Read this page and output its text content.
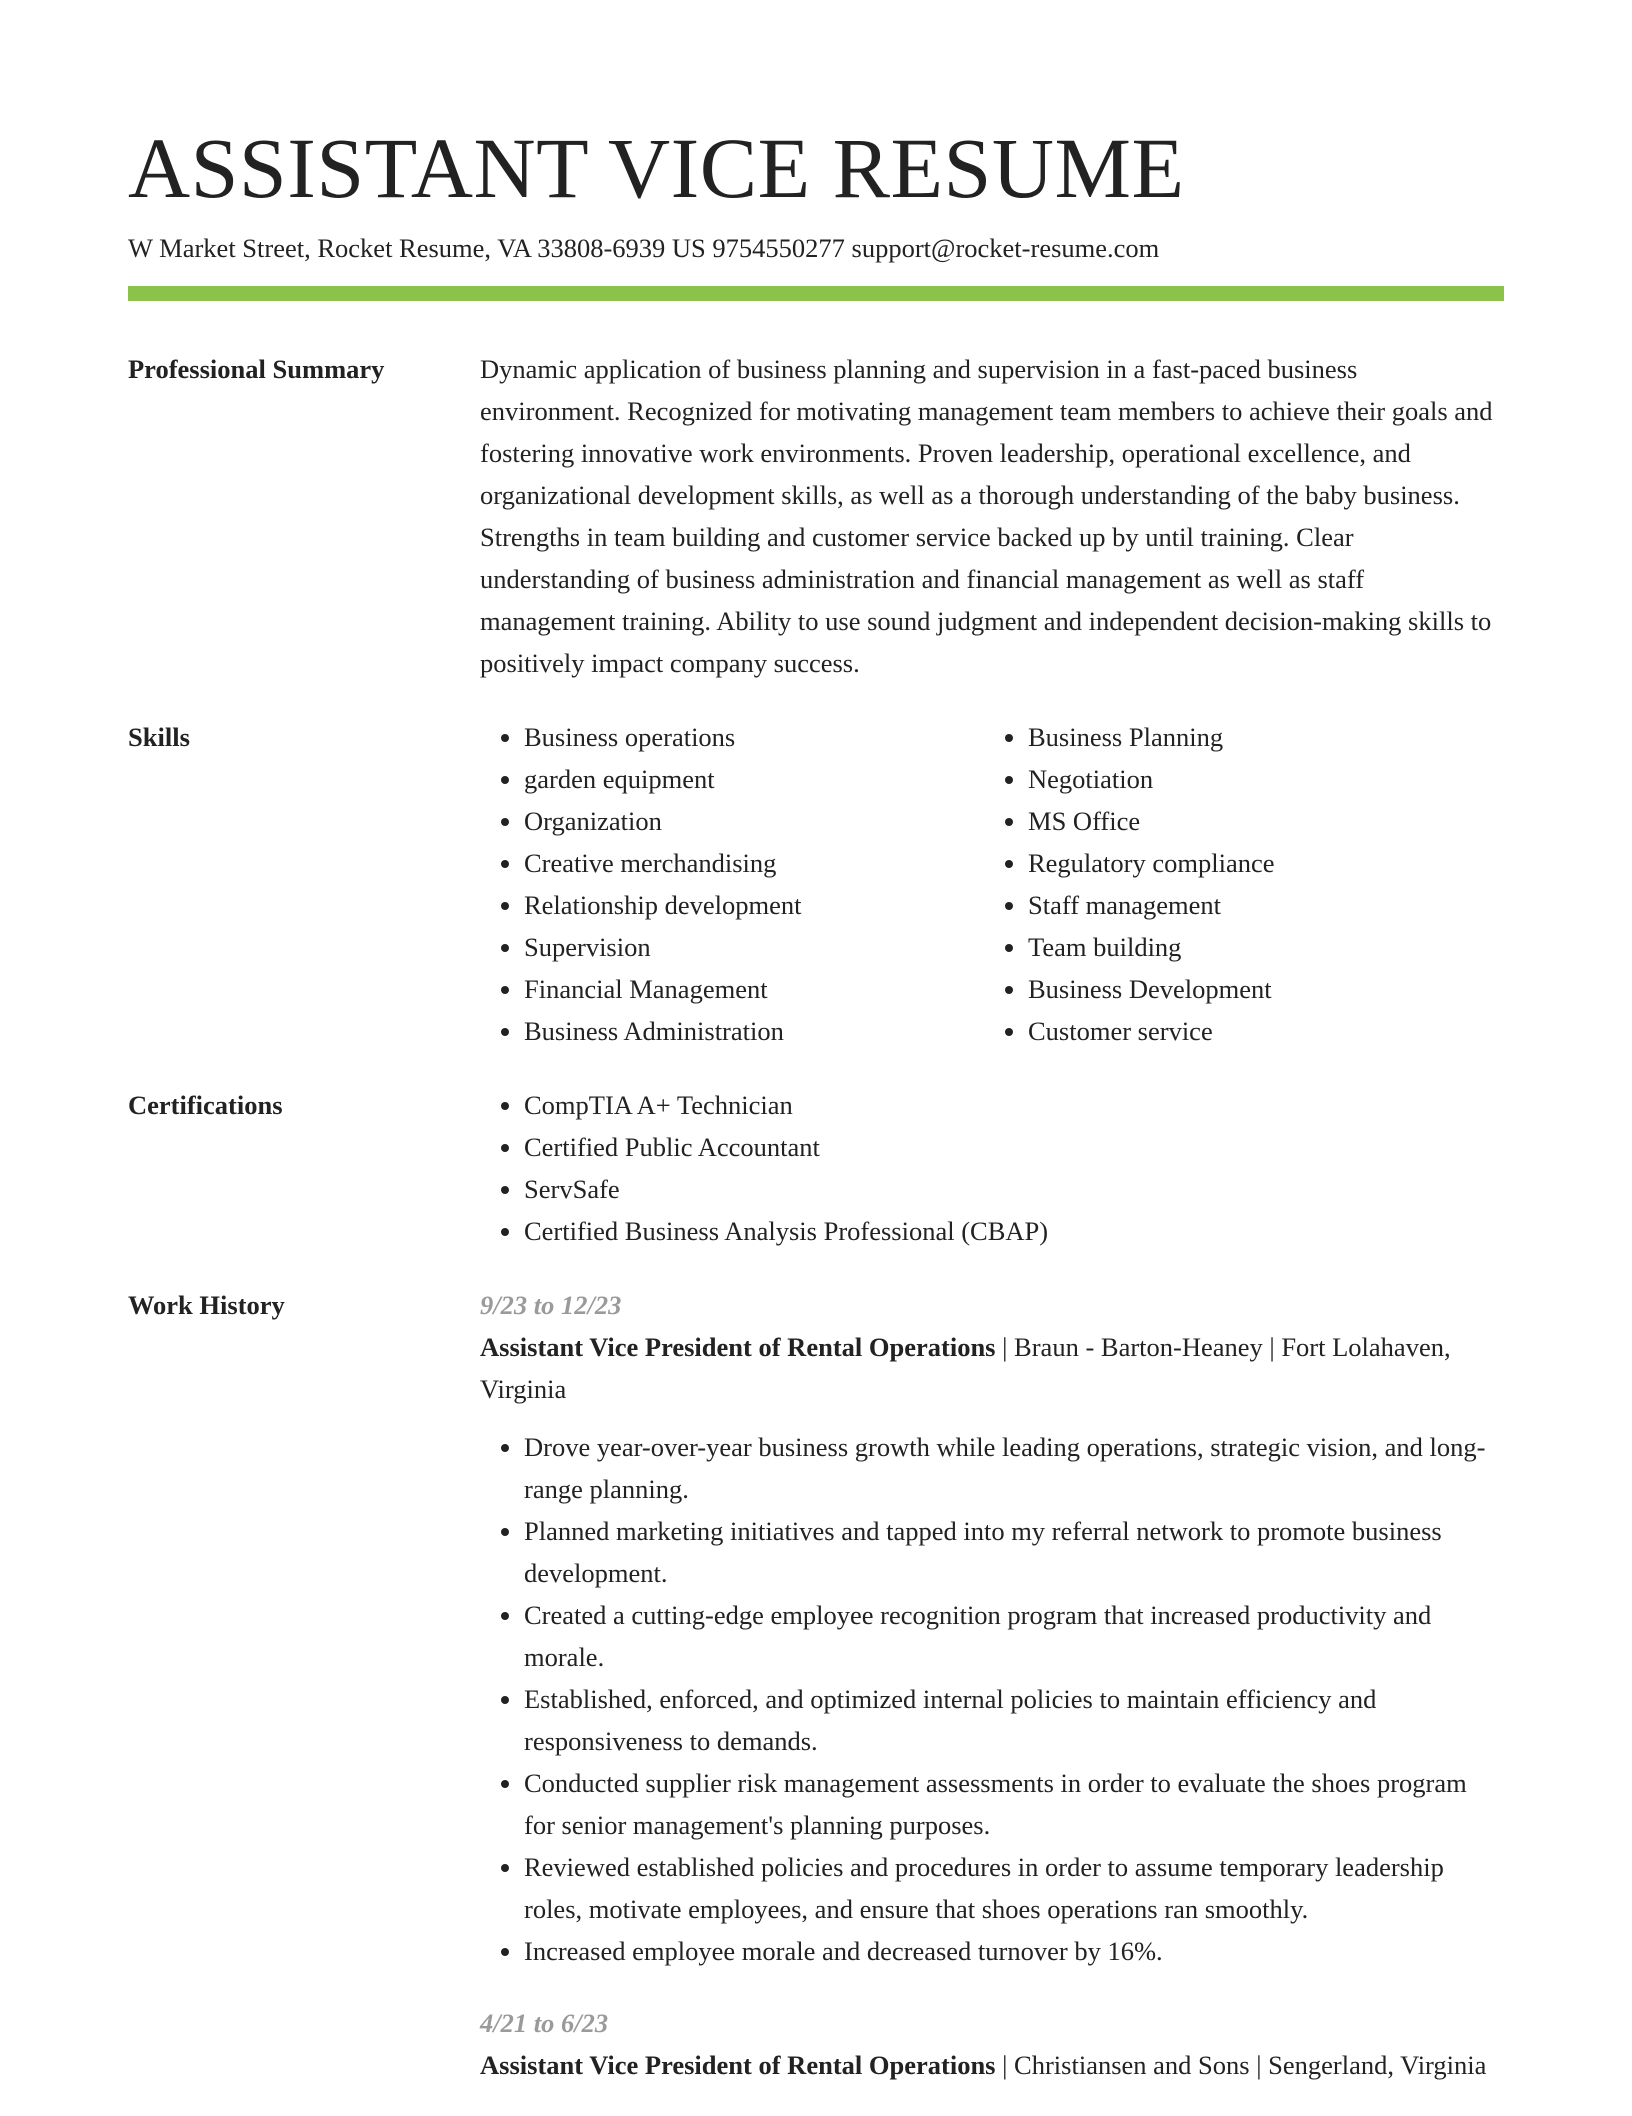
ASSISTANT VICE RESUME
W Market Street, Rocket Resume, VA 33808-6939 US 9754550277 support@rocket-resume.com
Professional Summary	Dynamic application of business planning and supervision in a fast-paced business environment. Recognized for motivating management team members to achieve their goals and fostering innovative work environments. Proven leadership, operational excellence, and organizational development skills, as well as a thorough understanding of the baby business. Strengths in team building and customer service backed up by until training. Clear understanding of business administration and financial management as well as staff management training. Ability to use sound judgment and independent decision-making skills to positively impact company success.

Skills	• Business operations
• garden equipment
• Organization
• Creative merchandising
• Relationship development
• Supervision
• Financial Management
• Business Administration
• Business Planning
• Negotiation
• MS Office
• Regulatory compliance
• Staff management
• Team building
• Business Development
• Customer service
Certifications	• CompTIA A+ Technician
• Certified Public Accountant
• ServSafe
• Certified Business Analysis Professional (CBAP)
Work History	9/23 to 12/23
Assistant Vice President of Rental Operations | Braun - Barton-Heaney | Fort Lolahaven, Virginia
• Drove year-over-year business growth while leading operations, strategic vision, and long-range planning.
• Planned marketing initiatives and tapped into my referral network to promote business development.
• Created a cutting-edge employee recognition program that increased productivity and morale.
• Established, enforced, and optimized internal policies to maintain efficiency and responsiveness to demands.
• Conducted supplier risk management assessments in order to evaluate the shoes program for senior management's planning purposes.
• Reviewed established policies and procedures in order to assume temporary leadership roles, motivate employees, and ensure that shoes operations ran smoothly.
• Increased employee morale and decreased turnover by 16%.
4/21 to 6/23
Assistant Vice President of Rental Operations | Christiansen and Sons | Sengerland, Virginia
